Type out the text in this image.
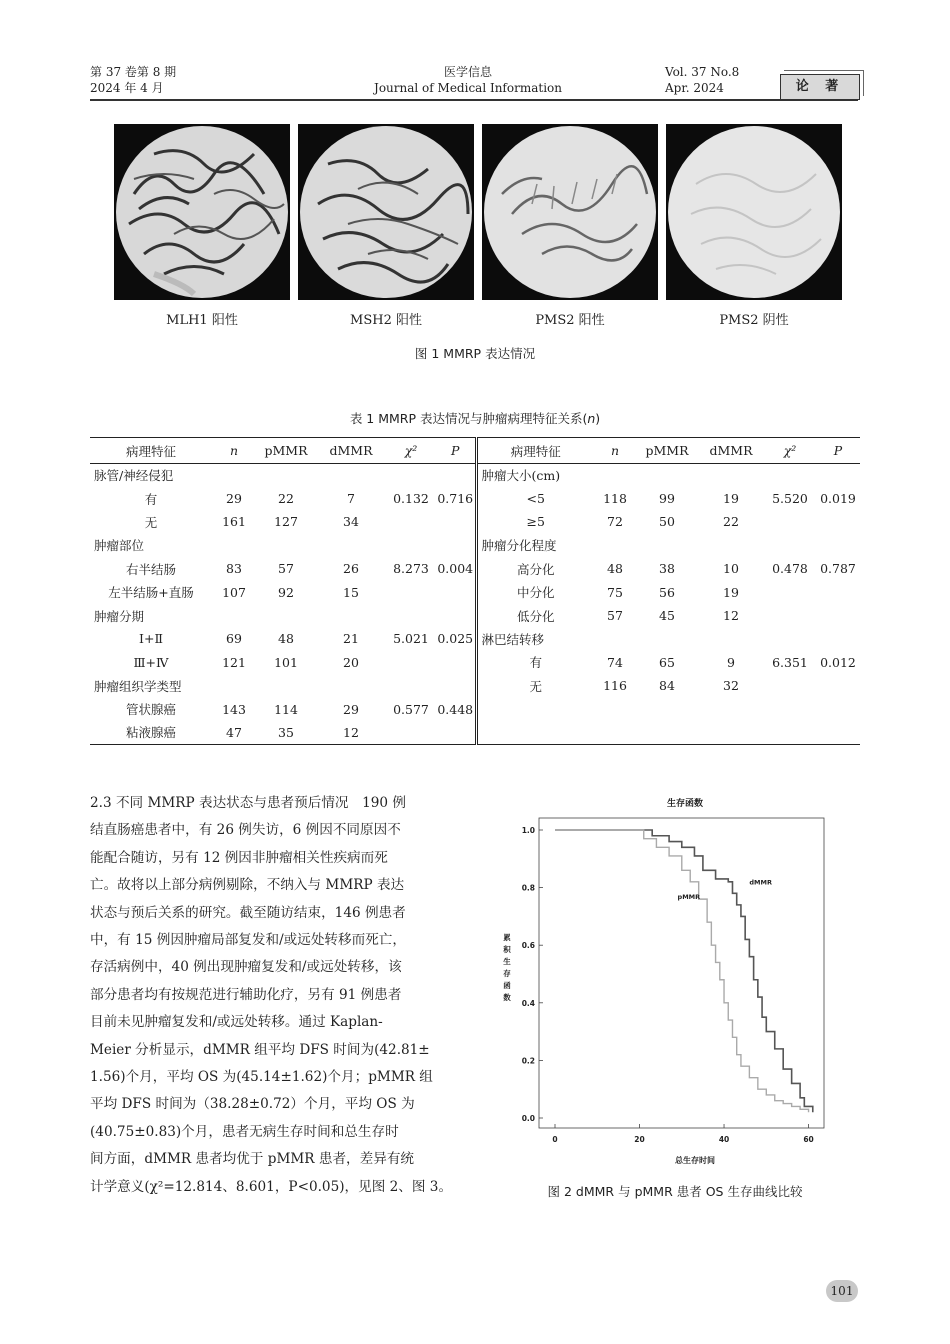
第 37 卷第 8 期
2024 年 4 月
医学信息
Journal of Medical Information
Vol. 37 No.8
Apr. 2024	论 著
MLH1 阳性	MSH2 阳性	PMS2 阳性	PMS2 阴性
图 1 MMRP 表达情况
表 1 MMRP 表达情况与肿瘤病理特征关系(n)
病理特征	n	pMMR	dMMR	χ²	P	病理特征	n	pMMR	dMMR	χ²	P
脉管/神经侵犯						肿瘤大小(cm)					
有	29	22	7	0.132	0.716	<5	118	99	19	5.520	0.019
无	161	127	34			≥5	72	50	22		
肿瘤部位						肿瘤分化程度					
右半结肠	83	57	26	8.273	0.004	高分化	48	38	10	0.478	0.787
左半结肠+直肠	107	92	15			中分化	75	56	19		
肿瘤分期						低分化	57	45	12		
Ⅰ+Ⅱ	69	48	21	5.021	0.025	淋巴结转移					
Ⅲ+Ⅳ	121	101	20			有	74	65	9	6.351	0.012
肿瘤组织学类型						无	116	84	32		
管状腺癌	143	114	29	0.577	0.448						
粘液腺癌	47	35	12								
2.3 不同 MMRP 表达状态与患者预后情况　190 例
结直肠癌患者中，有 26 例失访，6 例因不同原因不
能配合随访，另有 12 例因非肿瘤相关性疾病而死
亡。故将以上部分病例剔除，不纳入与 MMRP 表达
状态与预后关系的研究。截至随访结束，146 例患者
中，有 15 例因肿瘤局部复发和/或远处转移而死亡，
存活病例中，40 例出现肿瘤复发和/或远处转移，该
部分患者均有按规范进行辅助化疗，另有 91 例患者
目前未见肿瘤复发和/或远处转移。通过 Kaplan-
Meier 分析显示，dMMR 组平均 DFS 时间为(42.81±
1.56)个月，平均 OS 为(45.14±1.62)个月；pMMR 组
平均 DFS 时间为（38.28±0.72）个月，平均 OS 为
(40.75±0.83)个月，患者无病生存时间和总生存时
间方面，dMMR 患者均优于 pMMR 患者，差异有统
计学意义(χ²=12.814、8.601，P<0.05)，见图 2、图 3。
生存函数
总生存时间
累
积
生
存
函
数
0.0
0.2
0.4
0.6
0.8
1.0
0	20	40	60
dMMR
pMMR
图 2 dMMR 与 pMMR 患者 OS 生存曲线比较
101
